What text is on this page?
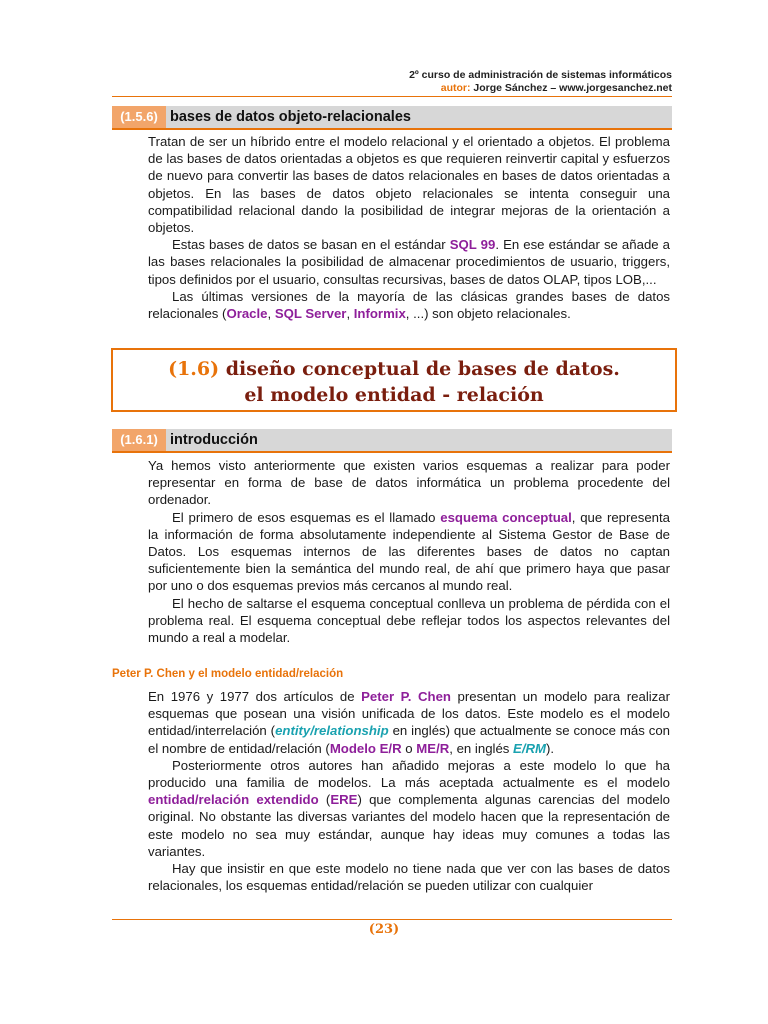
2º curso de administración de sistemas informáticos
autor: Jorge Sánchez – www.jorgesanchez.net
(1.5.6) bases de datos objeto-relacionales

Tratan de ser un híbrido entre el modelo relacional y el orientado a objetos. El problema de las bases de datos orientadas a objetos es que requieren reinvertir capital y esfuerzos de nuevo para convertir las bases de datos relacionales en bases de datos orientadas a objetos. En las bases de datos objeto relacionales se intenta conseguir una compatibilidad relacional dando la posibilidad de integrar mejoras de la orientación a objetos.

Estas bases de datos se basan en el estándar SQL 99. En ese estándar se añade a las bases relacionales la posibilidad de almacenar procedimientos de usuario, triggers, tipos definidos por el usuario, consultas recursivas, bases de datos OLAP, tipos LOB,...

Las últimas versiones de la mayoría de las clásicas grandes bases de datos relacionales (Oracle, SQL Server, Informix, ...) son objeto relacionales.

(1.6) diseño conceptual de bases de datos.
el modelo entidad - relación
(1.6.1) introducción

Ya hemos visto anteriormente que existen varios esquemas a realizar para poder representar en forma de base de datos informática un problema procedente del ordenador.

El primero de esos esquemas es el llamado esquema conceptual, que representa la información de forma absolutamente independiente al Sistema Gestor de Base de Datos. Los esquemas internos de las diferentes bases de datos no captan suficientemente bien la semántica del mundo real, de ahí que primero haya que pasar por uno o dos esquemas previos más cercanos al mundo real.

El hecho de saltarse el esquema conceptual conlleva un problema de pérdida con el problema real. El esquema conceptual debe reflejar todos los aspectos relevantes del mundo a real a modelar.

Peter P. Chen y el modelo entidad/relación

En 1976 y 1977 dos artículos de Peter P. Chen presentan un modelo para realizar esquemas que posean una visión unificada de los datos. Este modelo es el modelo entidad/interrelación (entity/relationship en inglés) que actualmente se conoce más con el nombre de entidad/relación (Modelo E/R o ME/R, en inglés E/RM).

Posteriormente otros autores han añadido mejoras a este modelo lo que ha producido una familia de modelos. La más aceptada actualmente es el modelo entidad/relación extendido (ERE) que complementa algunas carencias del modelo original. No obstante las diversas variantes del modelo hacen que la representación de este modelo no sea muy estándar, aunque hay ideas muy comunes a todas las variantes.

Hay que insistir en que este modelo no tiene nada que ver con las bases de datos relacionales, los esquemas entidad/relación se pueden utilizar con cualquier

(23)
